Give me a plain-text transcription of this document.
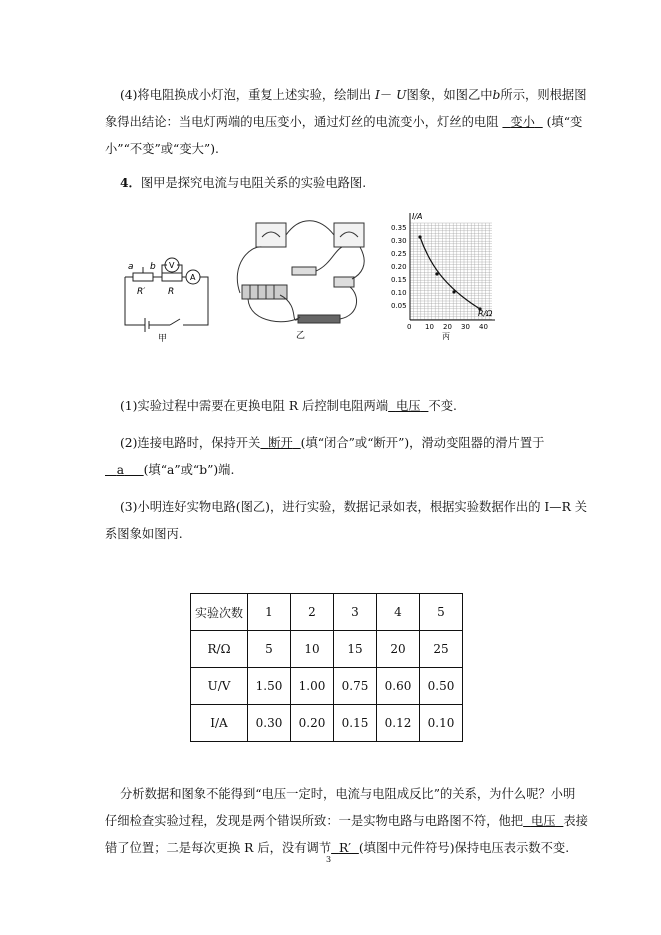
(4)将电阻换成小灯泡，重复上述实验，绘制出 I－ U图象，如图乙中b所示，则根据图
象得出结论：当电灯两端的电压变小，通过灯丝的电流变小，灯丝的电阻 变小 (填“变
小”“不变”或“变大”).
4．图甲是探究电流与电阻关系的实验电路图.
a b
R′	R
V
A
甲	乙
I/A
R/Ω
0.35
0.30
0.25
0.20
0.15
0.10
0.05
0 10 20 30 40
丙
(1)实验过程中需要在更换电阻 R 后控制电阻两端 电压 不变.
(2)连接电路时，保持开关 断开 (填“闭合”或“断开”)，滑动变阻器的滑片置于
a (填“a”或“b”)端.
(3)小明连好实物电路(图乙)，进行实验，数据记录如表，根据实验数据作出的 I—R 关
系图象如图丙.
实验次数	1	2	3	4	5
R/Ω	5	10	15	20	25
U/V	1.50	1.00	0.75	0.60	0.50
I/A	0.30	0.20	0.15	0.12	0.10
分析数据和图象不能得到“电压一定时，电流与电阻成反比”的关系，为什么呢？小明
仔细检查实验过程，发现是两个错误所致：一是实物电路与电路图不符，他把 电压 表接
错了位置；二是每次更换 R 后，没有调节 R′ (填图中元件符号)保持电压表示数不变.
3
